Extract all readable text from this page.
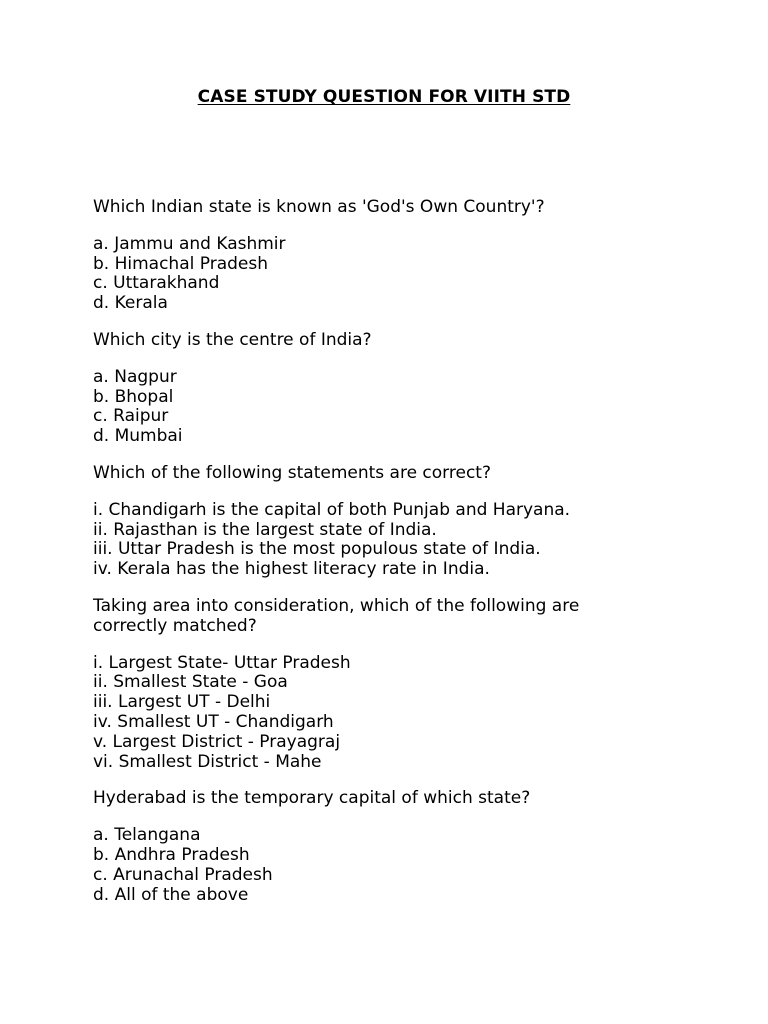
CASE STUDY QUESTION FOR VIITH STD
Which Indian state is known as 'God's Own Country'?
a. Jammu and Kashmir
b. Himachal Pradesh
c. Uttarakhand
d. Kerala
Which city is the centre of India?
a. Nagpur
b. Bhopal
c. Raipur
d. Mumbai
Which of the following statements are correct?
i. Chandigarh is the capital of both Punjab and Haryana.
ii. Rajasthan is the largest state of India.
iii. Uttar Pradesh is the most populous state of India.
iv. Kerala has the highest literacy rate in India.
Taking area into consideration, which of the following are
correctly matched?
i. Largest State- Uttar Pradesh
ii. Smallest State - Goa
iii. Largest UT - Delhi
iv. Smallest UT - Chandigarh
v. Largest District - Prayagraj
vi. Smallest District - Mahe
Hyderabad is the temporary capital of which state?
a. Telangana
b. Andhra Pradesh
c. Arunachal Pradesh
d. All of the above
